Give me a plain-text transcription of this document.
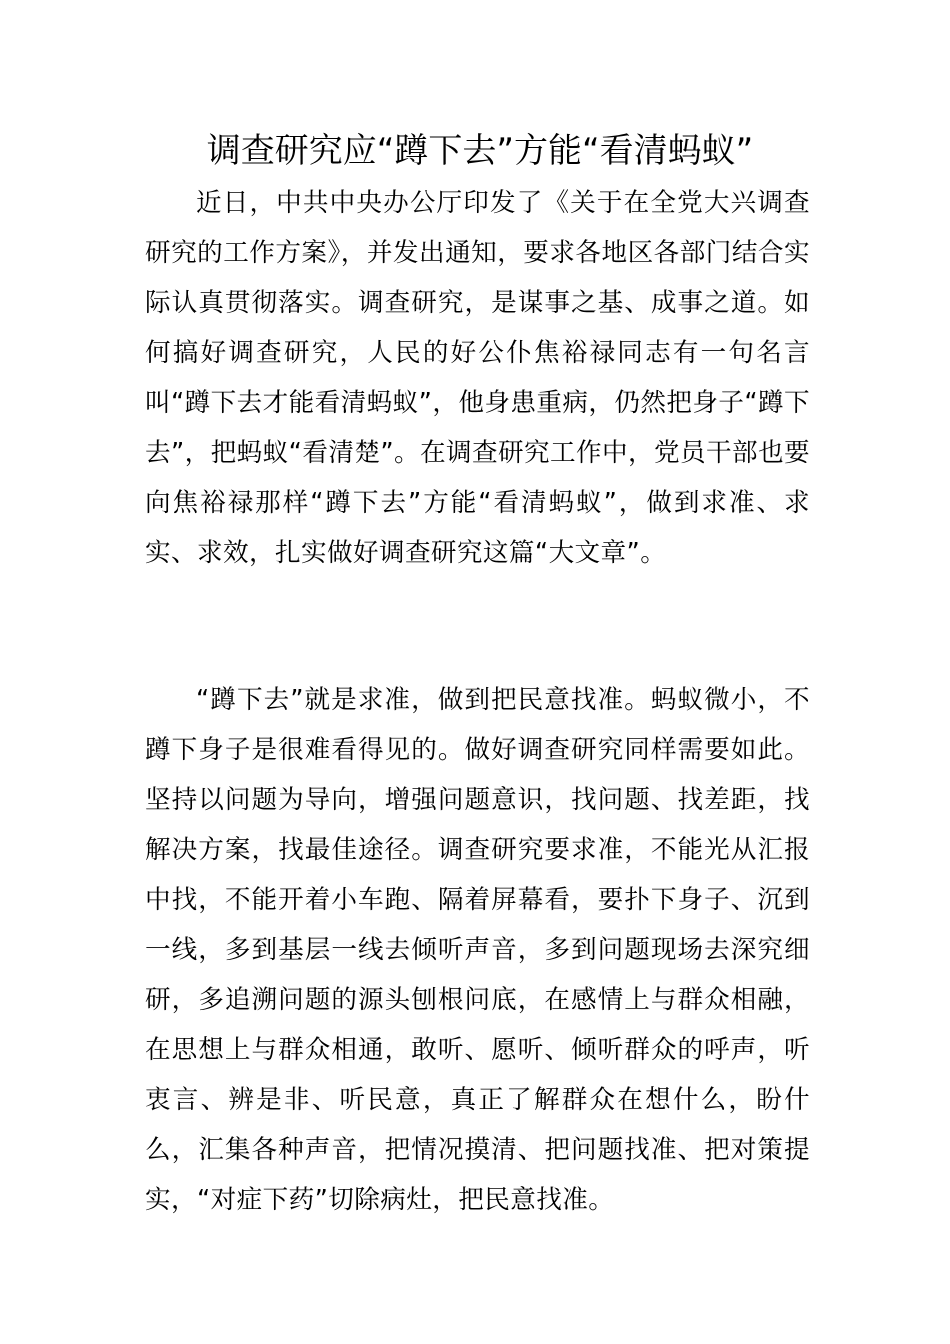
调查研究应“蹲下去”方能“看清蚂蚁”

近日，中共中央办公厅印发了《关于在全党大兴调查研究的工作方案》，并发出通知，要求各地区各部门结合实际认真贯彻落实。调查研究，是谋事之基、成事之道。如何搞好调查研究，人民的好公仆焦裕禄同志有一句名言叫“蹲下去才能看清蚂蚁”，他身患重病，仍然把身子“蹲下去”，把蚂蚁“看清楚”。在调查研究工作中，党员干部也要向焦裕禄那样“蹲下去”方能“看清蚂蚁”，做到求准、求实、求效，扎实做好调查研究这篇“大文章”。

“蹲下去”就是求准，做到把民意找准。蚂蚁微小，不蹲下身子是很难看得见的。做好调查研究同样需要如此。坚持以问题为导向，增强问题意识，找问题、找差距，找解决方案，找最佳途径。调查研究要求准，不能光从汇报中找，不能开着小车跑、隔着屏幕看，要扑下身子、沉到一线，多到基层一线去倾听声音，多到问题现场去深究细研，多追溯问题的源头刨根问底，在感情上与群众相融，在思想上与群众相通，敢听、愿听、倾听群众的呼声，听衷言、辨是非、听民意，真正了解群众在想什么，盼什么，汇集各种声音，把情况摸清、把问题找准、把对策提实，“对症下药”切除病灶，把民意找准。
